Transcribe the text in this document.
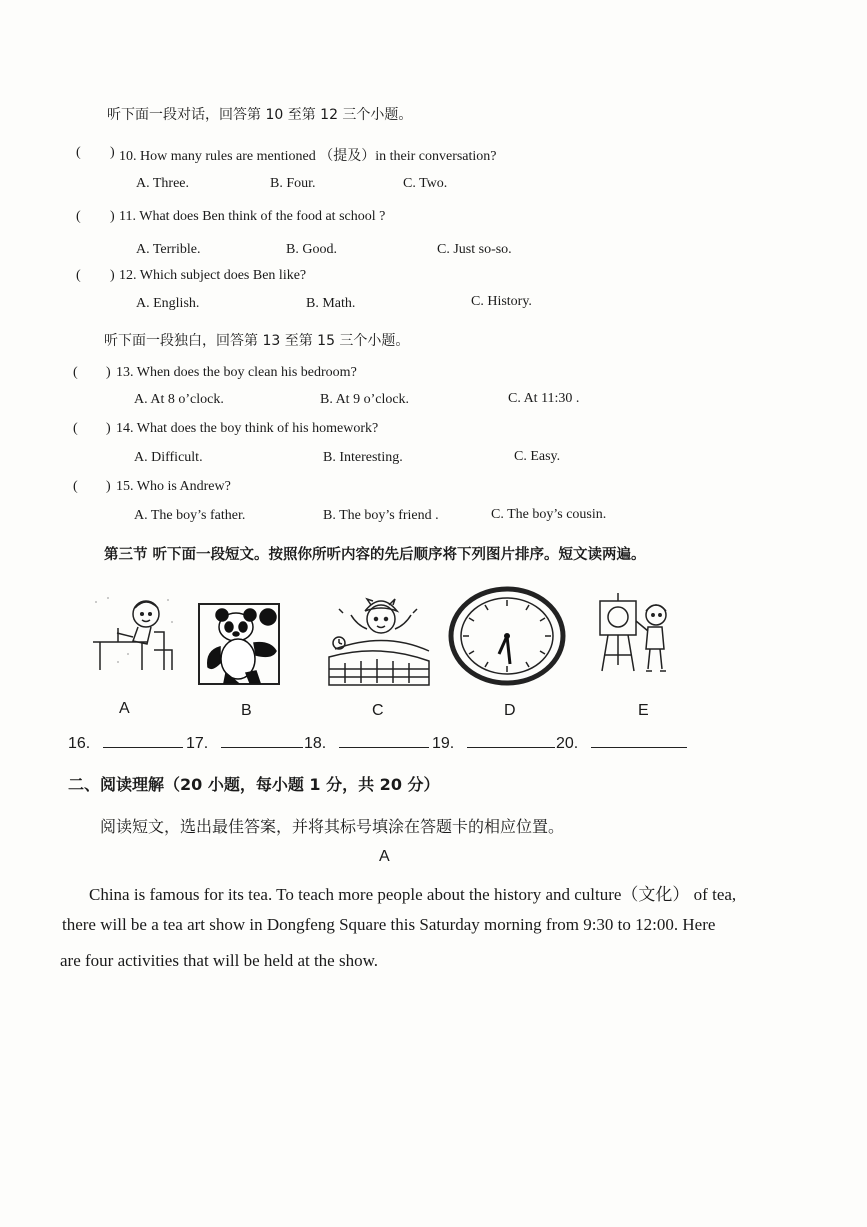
听下面一段对话，回答第 10 至第 12 三个小题。
( ) 10. How many rules are mentioned （提及）in their conversation?
A. Three.	B. Four.	C. Two.
( ) 11. What does Ben think of the food at school ?
A. Terrible.	B. Good.	C. Just so-so.
( ) 12. Which subject does Ben like?
A. English.	B. Math.	C. History.
听下面一段独白，回答第 13 至第 15 三个小题。
( ) 13. When does the boy clean his bedroom?
A. At 8 o’clock.	B. At 9 o’clock.	C. At 11:30 .
( ) 14. What does the boy think of his homework?
A. Difficult.	B. Interesting.	C. Easy.
( ) 15. Who is Andrew?
A. The boy’s father.	B. The boy’s friend .	C. The boy’s cousin.
第三节 听下面一段短文。按照你所听内容的先后顺序将下列图片排序。短文读两遍。
A	B	C	D	E
16.	17.	18.	19.	20.
二、阅读理解（20 小题，每小题 1 分，共 20 分）
阅读短文，选出最佳答案，并将其标号填涂在答题卡的相应位置。
A
China is famous for its tea. To teach more people about the history and culture（文化） of tea,
there will be a tea art show in Dongfeng Square this Saturday morning from 9:30 to 12:00. Here
are four activities that will be held at the show.
